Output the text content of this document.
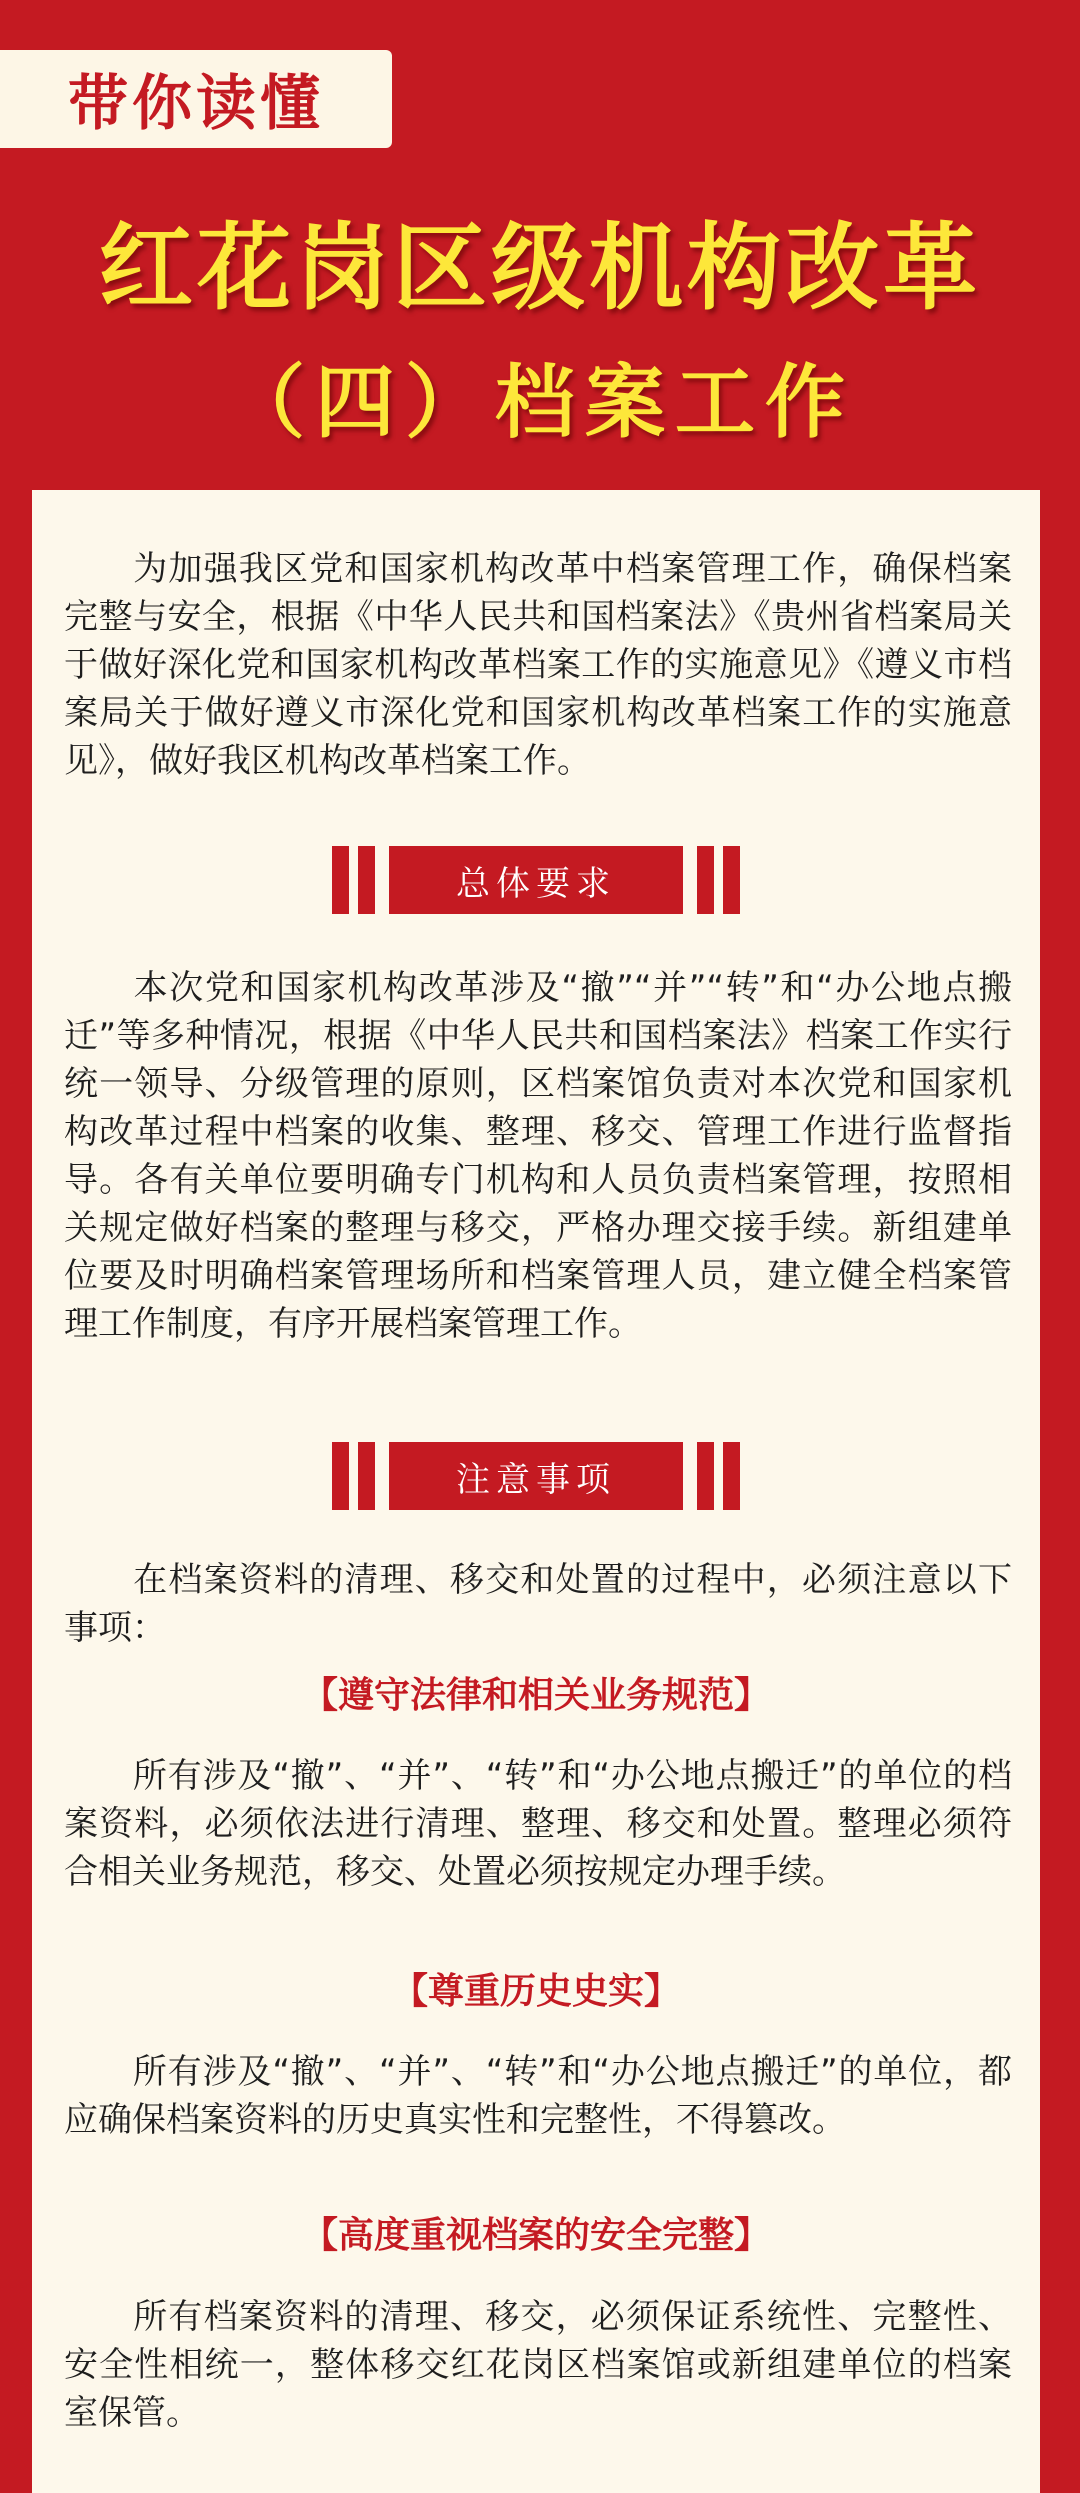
带你读懂
红花岗区级机构改革
（四）档案工作

为加强我区党和国家机构改革中档案管理工作，确保档案完整与安全，根据《中华人民共和国档案法》《贵州省档案局关于做好深化党和国家机构改革档案工作的实施意见》《遵义市档案局关于做好遵义市深化党和国家机构改革档案工作的实施意见》，做好我区机构改革档案工作。

总体要求

本次党和国家机构改革涉及“撤”“并”“转”和“办公地点搬迁”等多种情况，根据《中华人民共和国档案法》档案工作实行统一领导、分级管理的原则，区档案馆负责对本次党和国家机构改革过程中档案的收集、整理、移交、管理工作进行监督指导。各有关单位要明确专门机构和人员负责档案管理，按照相关规定做好档案的整理与移交，严格办理交接手续。新组建单位要及时明确档案管理场所和档案管理人员，建立健全档案管理工作制度，有序开展档案管理工作。

注意事项

在档案资料的清理、移交和处置的过程中，必须注意以下事项：

【遵守法律和相关业务规范】

所有涉及“撤”、“并”、“转”和“办公地点搬迁”的单位的档案资料，必须依法进行清理、整理、移交和处置。整理必须符合相关业务规范，移交、处置必须按规定办理手续。

【尊重历史史实】

所有涉及“撤”、“并”、“转”和“办公地点搬迁”的单位，都应确保档案资料的历史真实性和完整性，不得篡改。

【高度重视档案的安全完整】

所有档案资料的清理、移交，必须保证系统性、完整性、安全性相统一，整体移交红花岗区档案馆或新组建单位的档案室保管。
